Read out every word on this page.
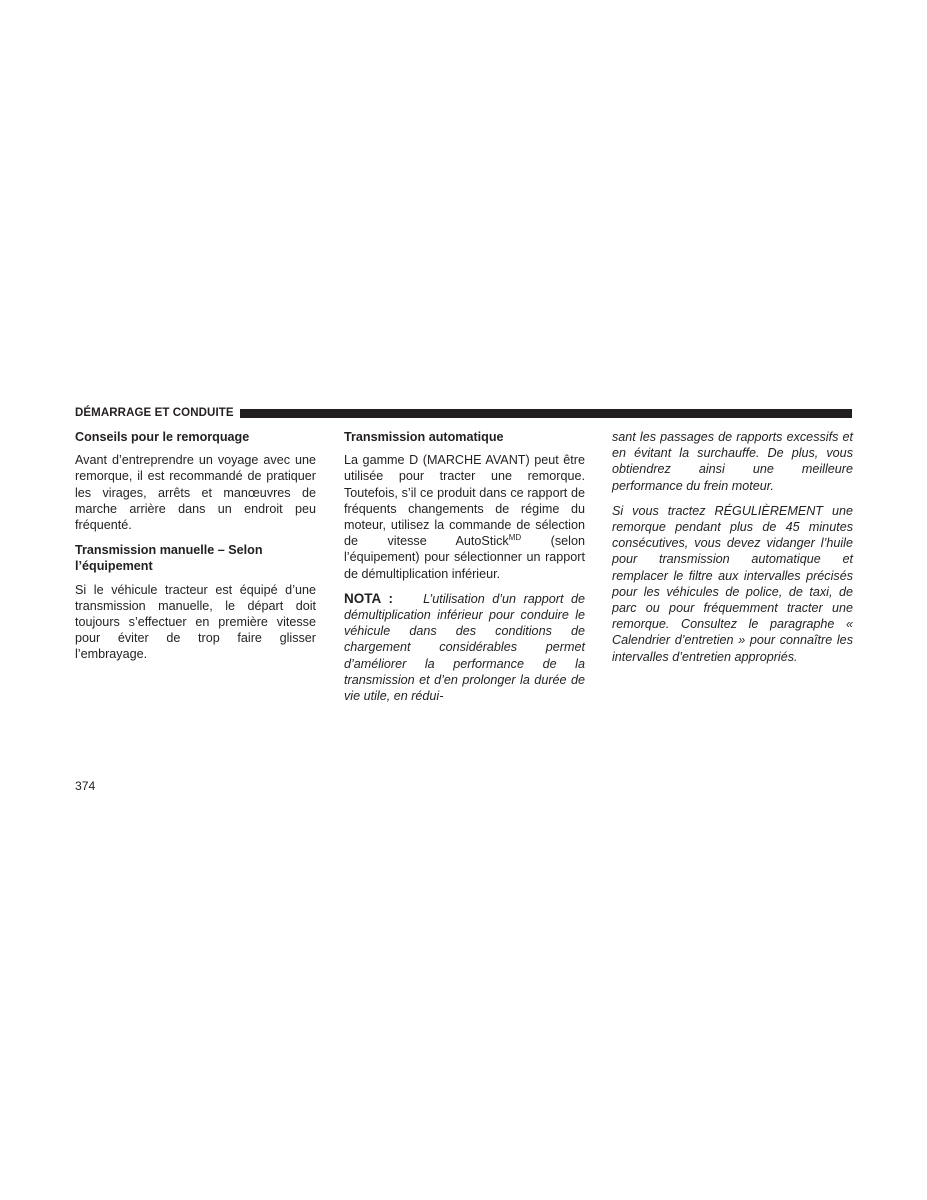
DÉMARRAGE ET CONDUITE
Conseils pour le remorquage

Avant d’entreprendre un voyage avec une remorque, il est recommandé de pratiquer les virages, arrêts et manœuvres de marche arrière dans un endroit peu fréquenté.

Transmission manuelle – Selon l’équipement

Si le véhicule tracteur est équipé d’une transmission manuelle, le départ doit toujours s’effectuer en première vitesse pour éviter de trop faire glisser l’embrayage.

Transmission automatique

La gamme D (MARCHE AVANT) peut être utilisée pour tracter une remorque. Toutefois, s’il ce produit dans ce rapport de fréquents changements de régime du moteur, utilisez la commande de sélection de vitesse AutoStick$^{MD}$ (selon l’équipement) pour sélectionner un rapport de démultiplication inférieur.

NOTA : L’utilisation d’un rapport de démultiplication inférieur pour conduire le véhicule dans des conditions de chargement considérables permet d’améliorer la performance de la transmission et d’en prolonger la durée de vie utile, en rédui-

sant les passages de rapports excessifs et en évitant la surchauffe. De plus, vous obtiendrez ainsi une meilleure performance du frein moteur.

Si vous tractez RÉGULIÈREMENT une remorque pendant plus de 45 minutes consécutives, vous devez vidanger l’huile pour transmission automatique et remplacer le filtre aux intervalles précisés pour les véhicules de police, de taxi, de parc ou pour fréquemment tracter une remorque. Consultez le paragraphe « Calendrier d’entretien » pour connaître les intervalles d’entretien appropriés.

374
